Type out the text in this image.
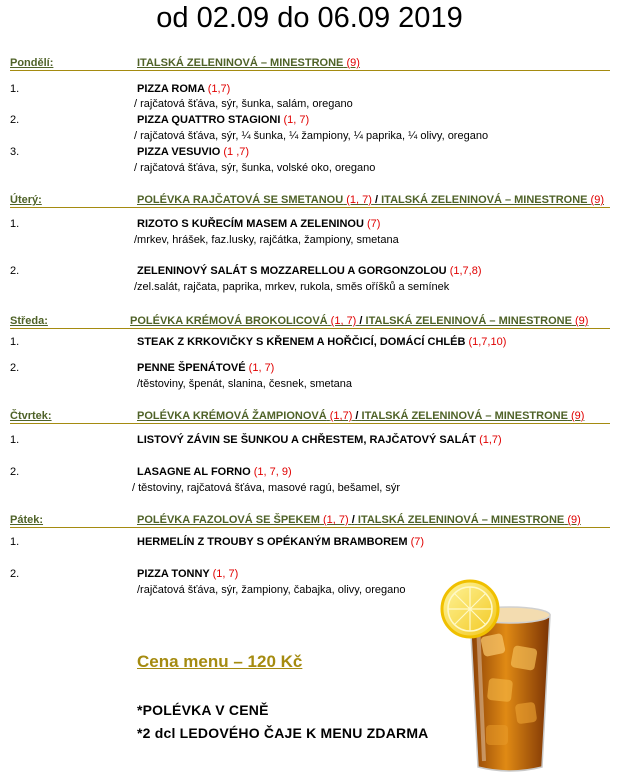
od 02.09 do 06.09 2019
Pondělí:	ITALSKÁ ZELENINOVÁ – MINESTRONE (9)
1.	PIZZA ROMA (1,7)
/ rajčatová šťáva, sýr, šunka, salám, oregano
2.	PIZZA QUATTRO STAGIONI (1, 7)
/ rajčatová šťáva, sýr, ¼ šunka, ¼ žampiony, ¼ paprika, ¼ olivy, oregano
3.	PIZZA VESUVIO (1 ,7)
/ rajčatová šťáva, sýr, šunka, volské oko, oregano
Úterý:	POLÉVKA RAJČATOVÁ SE SMETANOU (1, 7) / ITALSKÁ ZELENINOVÁ – MINESTRONE (9)
1.	RIZOTO S KUŘECÍM MASEM A ZELENINOU (7)
/mrkev, hrášek, faz.lusky, rajčátka, žampiony, smetana
2.	ZELENINOVÝ SALÁT S MOZZARELLOU A GORGONZOLOU (1,7,8)
/zel.salát, rajčata, paprika, mrkev, rukola, směs oříšků a semínek
Středa:	POLÉVKA KRÉMOVÁ BROKOLICOVÁ (1, 7) / ITALSKÁ ZELENINOVÁ – MINESTRONE (9)
1.	STEAK Z KRKOVIČKY S KŘENEM A HOŘČICÍ, DOMÁCÍ CHLÉB (1,7,10)
2.	PENNE ŠPENÁTOVÉ (1, 7)
/těstoviny, špenát, slanina, česnek, smetana
Čtvrtek:	POLÉVKA KRÉMOVÁ ŽAMPIONOVÁ (1,7) / ITALSKÁ ZELENINOVÁ – MINESTRONE (9)
1.	LISTOVÝ ZÁVIN SE ŠUNKOU A CHŘESTEM, RAJČATOVÝ SALÁT (1,7)
2.	LASAGNE AL FORNO (1, 7, 9)
/ těstoviny, rajčatová šťáva, masové ragú, bešamel, sýr
Pátek:	POLÉVKA FAZOLOVÁ SE ŠPEKEM (1, 7) / ITALSKÁ ZELENINOVÁ – MINESTRONE (9)
1.	HERMELÍN Z TROUBY S OPÉKANÝM BRAMBOREM (7)
2.	PIZZA TONNY (1, 7)
/rajčatová šťáva, sýr, žampiony, čabajka, olivy, oregano
Cena menu – 120 Kč
*POLÉVKA V CENĚ
*2 dcl LEDOVÉHO ČAJE K MENU ZDARMA
